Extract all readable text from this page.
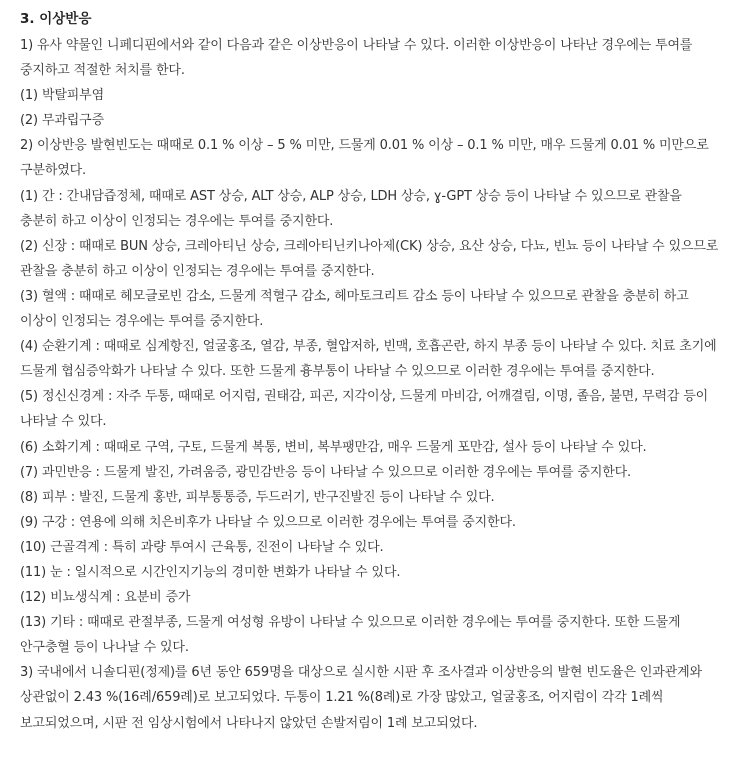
3. 이상반응

1) 유사 약물인 니페디핀에서와 같이 다음과 같은 이상반응이 나타날 수 있다. 이러한 이상반응이 나타난 경우에는 투여를 중지하고 적절한 처치를 한다.

(1) 박탈피부염

(2) 무과립구증

2) 이상반응 발현빈도는 때때로 0.1 % 이상 – 5 % 미만, 드물게 0.01 % 이상 – 0.1 % 미만, 매우 드물게 0.01 % 미만으로 구분하였다.

(1) 간 : 간내담즙정체, 때때로 AST 상승, ALT 상승, ALP 상승, LDH 상승, ɣ-GPT 상승 등이 나타날 수 있으므로 관찰을 충분히 하고 이상이 인정되는 경우에는 투여를 중지한다.

(2) 신장 : 때때로 BUN 상승, 크레아티닌 상승, 크레아티닌키나아제(CK) 상승, 요산 상승, 다뇨, 빈뇨 등이 나타날 수 있으므로 관찰을 충분히 하고 이상이 인정되는 경우에는 투여를 중지한다.

(3) 혈액 : 때때로 헤모글로빈 감소, 드물게 적혈구 감소, 헤마토크리트 감소 등이 나타날 수 있으므로 관찰을 충분히 하고 이상이 인정되는 경우에는 투여를 중지한다.

(4) 순환기계 : 때때로 심계항진, 얼굴홍조, 열감, 부종, 혈압저하, 빈맥, 호흡곤란, 하지 부종 등이 나타날 수 있다. 치료 초기에 드물게 협심증악화가 나타날 수 있다. 또한 드물게 흉부통이 나타날 수 있으므로 이러한 경우에는 투여를 중지한다.

(5) 정신신경계 : 자주 두통, 때때로 어지럼, 권태감, 피곤, 지각이상, 드물게 마비감, 어깨결림, 이명, 졸음, 불면, 무력감 등이 나타날 수 있다.

(6) 소화기계 : 때때로 구역, 구토, 드물게 복통, 변비, 복부팽만감, 매우 드물게 포만감, 설사 등이 나타날 수 있다.

(7) 과민반응 : 드물게 발진, 가려움증, 광민감반응 등이 나타날 수 있으므로 이러한 경우에는 투여를 중지한다.

(8) 피부 : 발진, 드물게 홍반, 피부통통증, 두드러기, 반구진발진 등이 나타날 수 있다.

(9) 구강 : 연용에 의해 치은비후가 나타날 수 있으므로 이러한 경우에는 투여를 중지한다.

(10) 근골격계 : 특히 과량 투여시 근육통, 진전이 나타날 수 있다.

(11) 눈 : 일시적으로 시간인지기능의 경미한 변화가 나타날 수 있다.

(12) 비뇨생식계 : 요분비 증가

(13) 기타 : 때때로 관절부종, 드물게 여성형 유방이 나타날 수 있으므로 이러한 경우에는 투여를 중지한다. 또한 드물게 안구충혈 등이 나나날 수 있다.

3) 국내에서 니솔디핀(정제)를 6년 동안 659명을 대상으로 실시한 시판 후 조사결과 이상반응의 발현 빈도율은 인과관계와 상관없이 2.43 %(16례/659례)로 보고되었다. 두통이 1.21 %(8례)로 가장 많았고, 얼굴홍조, 어지럼이 각각 1례씩 보고되었으며, 시판 전 임상시험에서 나타나지 않았던 손발저림이 1례 보고되었다.
